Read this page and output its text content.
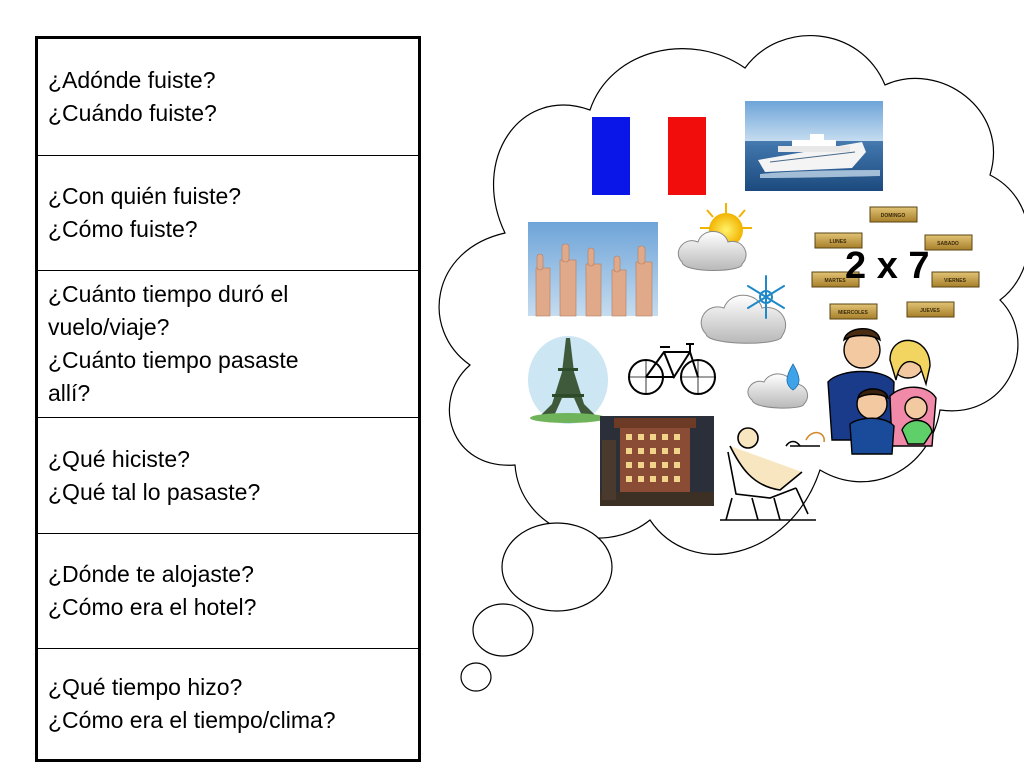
¿Adónde fuiste?
¿Cuándo fuiste?
¿Con quién fuiste?
¿Cómo fuiste?
¿Cuánto tiempo duró el
vuelo/viaje?
¿Cuánto tiempo pasaste
allí?
¿Qué hiciste?
¿Qué tal lo pasaste?
¿Dónde te alojaste?
¿Cómo era el hotel?
¿Qué tiempo hizo?
¿Cómo era el tiempo/clima?
DOMINGO
LUNES	SABADO
MARTES	VIERNES
MIERCOLES	JUEVES
2 x 7
